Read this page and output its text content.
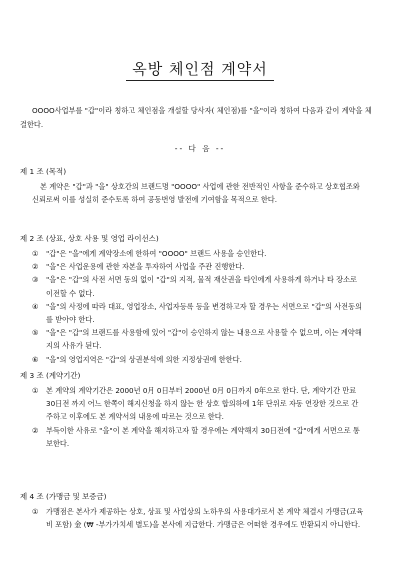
옥방 체인점 계약서
OOOO사업부를 "갑"이라 칭하고 체인점을 개설할 당사자( 체인점)를 "을"이라 칭하여 다음과 같이 계약을 체결한다.
-- 다 음 --
제 1 조 (목적)
본 계약은 "갑"과 "을" 상호간의 브랜드명 "OOOO" 사업에 관한 전반적인 사항을 준수하고 상호협조와 신뢰로써 이를 성실히 준수토록 하여 공동번영 발전에 기여함을 목적으로 한다.
제 2 조 (상표, 상호 사용 및 영업 라이선스)
①	"갑"은 "을"에게 계약장소에 한하여 "OOOO" 브랜드 사용을 승인한다.
②	"을"은 사업운용에 관한 자본을 투자하여 사업을 주관 진행한다.
③	"을"은 "갑"의 사전 서면 동의 없이 "갑"의 지적, 물적 재산권을 타인에게 사용하게 하거나 타 장소로 이전할 수 없다.
④	"을"의 사정에 따라 대표, 영업장소, 사업자등록 등을 변경하고자 할 경우는 서면으로 "갑"의 사전동의를 받아야 한다.
⑤	"을"은 "갑"의 브랜드를 사용함에 있어 "갑"이 승인하지 않는 내용으로 사용할 수 없으며, 이는 계약해지의 사유가 된다.
⑥	"을"의 영업지역은 "갑"의 상권분석에 의한 지정상권에 한한다.
제 3 조 (계약기간)
①	본 계약의 계약기간은 2000년 0月 0日부터 2000년 0月 0日까지 0年으로 한다. 단, 계약기간 만료 30日전 까지 어느 한쪽이 해지신청을 하지 않는 한 상호 합의하에 1年 단위로 자동 연장한 것으로 간주하고 이후에도 본 계약서의 내용에 따르는 것으로 한다.
②	부득이한 사유로 "을"이 본 계약을 해지하고자 할 경우에는 계약해지 30日전에 "갑"에게 서면으로 통보한다.
제 4 조 (가맹금 및 보증금)
①	가맹점은 본사가 제공하는 상호, 상표 및 사업상의 노하우의 사용대가로서 본 계약 체결시 가맹금(교육비 포함) 金 (₩ -부가가치세 별도)을 본사에 지급한다. 가맹금은 어떠한 경우에도 반환되지 아니한다.
